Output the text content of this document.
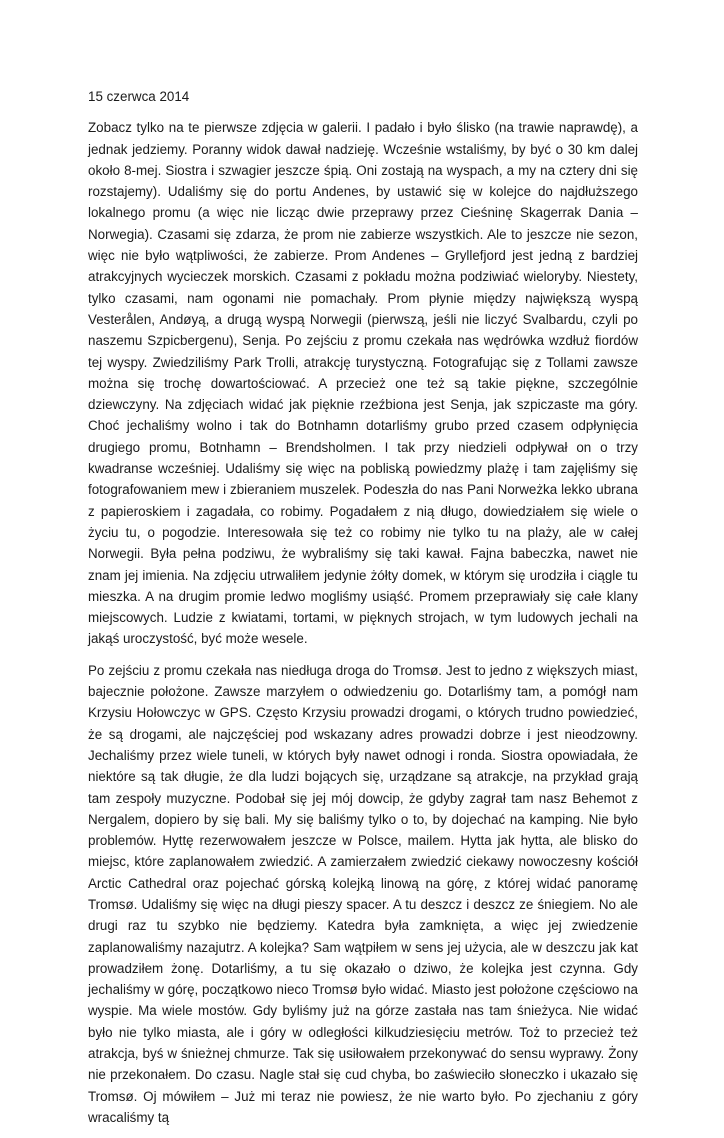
15 czerwca 2014

Zobacz tylko na te pierwsze zdjęcia w galerii. I padało i było ślisko (na trawie naprawdę), a jednak jedziemy. Poranny widok dawał nadzieję. Wcześnie wstaliśmy, by być o 30 km dalej około 8-mej. Siostra i szwagier jeszcze śpią. Oni zostają na wyspach, a my na cztery dni się rozstajemy). Udaliśmy się do portu Andenes, by ustawić się w kolejce do najdłuższego lokalnego promu (a więc nie licząc dwie przeprawy przez Cieśninę Skagerrak Dania – Norwegia). Czasami się zdarza, że prom nie zabierze wszystkich. Ale to jeszcze nie sezon, więc nie było wątpliwości, że zabierze. Prom Andenes – Gryllefjord jest jedną z bardziej atrakcyjnych wycieczek morskich. Czasami z pokładu można podziwiać wieloryby. Niestety, tylko czasami, nam ogonami nie pomachały. Prom płynie między największą wyspą Vesterålen, Andøyą, a drugą wyspą Norwegii (pierwszą, jeśli nie liczyć Svalbardu, czyli po naszemu Szpicbergenu), Senja. Po zejściu z promu czekała nas wędrówka wzdłuż fiordów tej wyspy. Zwiedziliśmy Park Trolli, atrakcję turystyczną. Fotografując się z Tollami zawsze można się trochę dowartościować. A przecież one też są takie piękne, szczególnie dziewczyny. Na zdjęciach widać jak pięknie rzeźbiona jest Senja, jak szpiczaste ma góry. Choć jechaliśmy wolno i tak do Botnhamn dotarliśmy grubo przed czasem odpłynięcia drugiego promu, Botnhamn – Brendsholmen. I tak przy niedzieli odpływał on o trzy kwadranse wcześniej. Udaliśmy się więc na pobliską powiedzmy plażę i tam zajęliśmy się fotografowaniem mew i zbieraniem muszelek. Podeszła do nas Pani Norweżka lekko ubrana z papieroskiem i zagadała, co robimy. Pogadałem z nią długo, dowiedziałem się wiele o życiu tu, o pogodzie. Interesowała się też co robimy nie tylko tu na plaży, ale w całej Norwegii. Była pełna podziwu, że wybraliśmy się taki kawał. Fajna babeczka, nawet nie znam jej imienia. Na zdjęciu utrwaliłem jedynie żółty domek, w którym się urodziła i ciągle tu mieszka. A na drugim promie ledwo mogliśmy usiąść. Promem przeprawiały się całe klany miejscowych. Ludzie z kwiatami, tortami, w pięknych strojach, w tym ludowych jechali na jakąś uroczystość, być może wesele.

Po zejściu z promu czekała nas niedługa droga do Tromsø. Jest to jedno z większych miast, bajecznie położone. Zawsze marzyłem o odwiedzeniu go. Dotarliśmy tam, a pomógł nam Krzysiu Hołowczyc w GPS. Często Krzysiu prowadzi drogami, o których trudno powiedzieć, że są drogami, ale najczęściej pod wskazany adres prowadzi dobrze i jest nieodzowny. Jechaliśmy przez wiele tuneli, w których były nawet odnogi i ronda. Siostra opowiadała, że niektóre są tak długie, że dla ludzi bojących się, urządzane są atrakcje, na przykład grają tam zespoły muzyczne. Podobał się jej mój dowcip, że gdyby zagrał tam nasz Behemot z Nergalem, dopiero by się bali. My się baliśmy tylko o to, by dojechać na kamping. Nie było problemów. Hyttę rezerwowałem jeszcze w Polsce, mailem. Hytta jak hytta, ale blisko do miejsc, które zaplanowałem zwiedzić. A zamierzałem zwiedzić ciekawy nowoczesny kościół Arctic Cathedral oraz pojechać górską kolejką linową na górę, z której widać panoramę Tromsø. Udaliśmy się więc na długi pieszy spacer. A tu deszcz i deszcz ze śniegiem. No ale drugi raz tu szybko nie będziemy. Katedra była zamknięta, a więc jej zwiedzenie zaplanowaliśmy nazajutrz. A kolejka? Sam wątpiłem w sens jej użycia, ale w deszczu jak kat prowadziłem żonę. Dotarliśmy, a tu się okazało o dziwo, że kolejka jest czynna. Gdy jechaliśmy w górę, początkowo nieco Tromsø było widać. Miasto jest położone częściowo na wyspie. Ma wiele mostów. Gdy byliśmy już na górze zastała nas tam śnieżyca. Nie widać było nie tylko miasta, ale i góry w odległości kilkudziesięciu metrów. Toż to przecież też atrakcja, byś w śnieżnej chmurze. Tak się usiłowałem przekonywać do sensu wyprawy. Żony nie przekonałem. Do czasu. Nagle stał się cud chyba, bo zaświeciło słoneczko i ukazało się Tromsø. Oj mówiłem – Już mi teraz nie powiesz, że nie warto było. Po zjechaniu z góry wracaliśmy tą
